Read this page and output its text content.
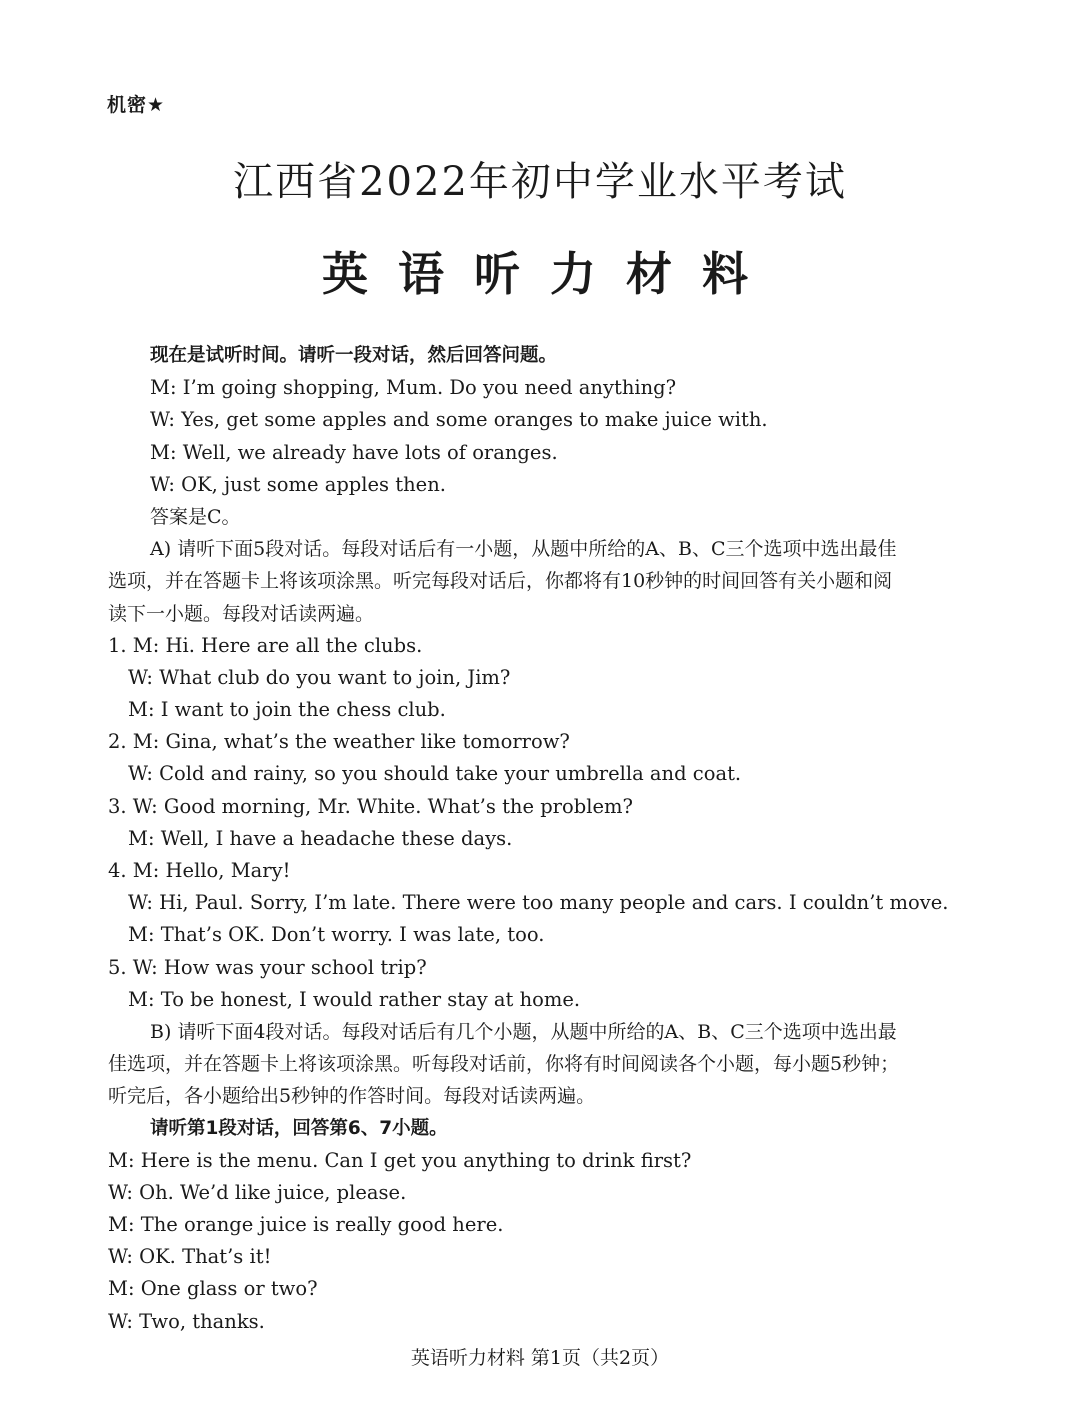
机密★
江西省2022年初中学业水平考试
英语听力材料
现在是试听时间。请听一段对话，然后回答问题。
M: I’m going shopping, Mum. Do you need anything?
W: Yes, get some apples and some oranges to make juice with.
M: Well, we already have lots of oranges.
W: OK, just some apples then.
答案是C。
A) 请听下面5段对话。每段对话后有一小题，从题中所给的A、B、C三个选项中选出最佳
选项，并在答题卡上将该项涂黑。听完每段对话后，你都将有10秒钟的时间回答有关小题和阅
读下一小题。每段对话读两遍。
1. M: Hi. Here are all the clubs.
W: What club do you want to join, Jim?
M: I want to join the chess club.
2. M: Gina, what’s the weather like tomorrow?
W: Cold and rainy, so you should take your umbrella and coat.
3. W: Good morning, Mr. White. What’s the problem?
M: Well, I have a headache these days.
4. M: Hello, Mary!
W: Hi, Paul. Sorry, I’m late. There were too many people and cars. I couldn’t move.
M: That’s OK. Don’t worry. I was late, too.
5. W: How was your school trip?
M: To be honest, I would rather stay at home.
B) 请听下面4段对话。每段对话后有几个小题，从题中所给的A、B、C三个选项中选出最
佳选项，并在答题卡上将该项涂黑。听每段对话前，你将有时间阅读各个小题，每小题5秒钟；
听完后，各小题给出5秒钟的作答时间。每段对话读两遍。
请听第1段对话，回答第6、7小题。
M: Here is the menu. Can I get you anything to drink first?
W: Oh. We’d like juice, please.
M: The orange juice is really good here.
W: OK. That’s it!
M: One glass or two?
W: Two, thanks.
英语听力材料 第1页（共2页）
